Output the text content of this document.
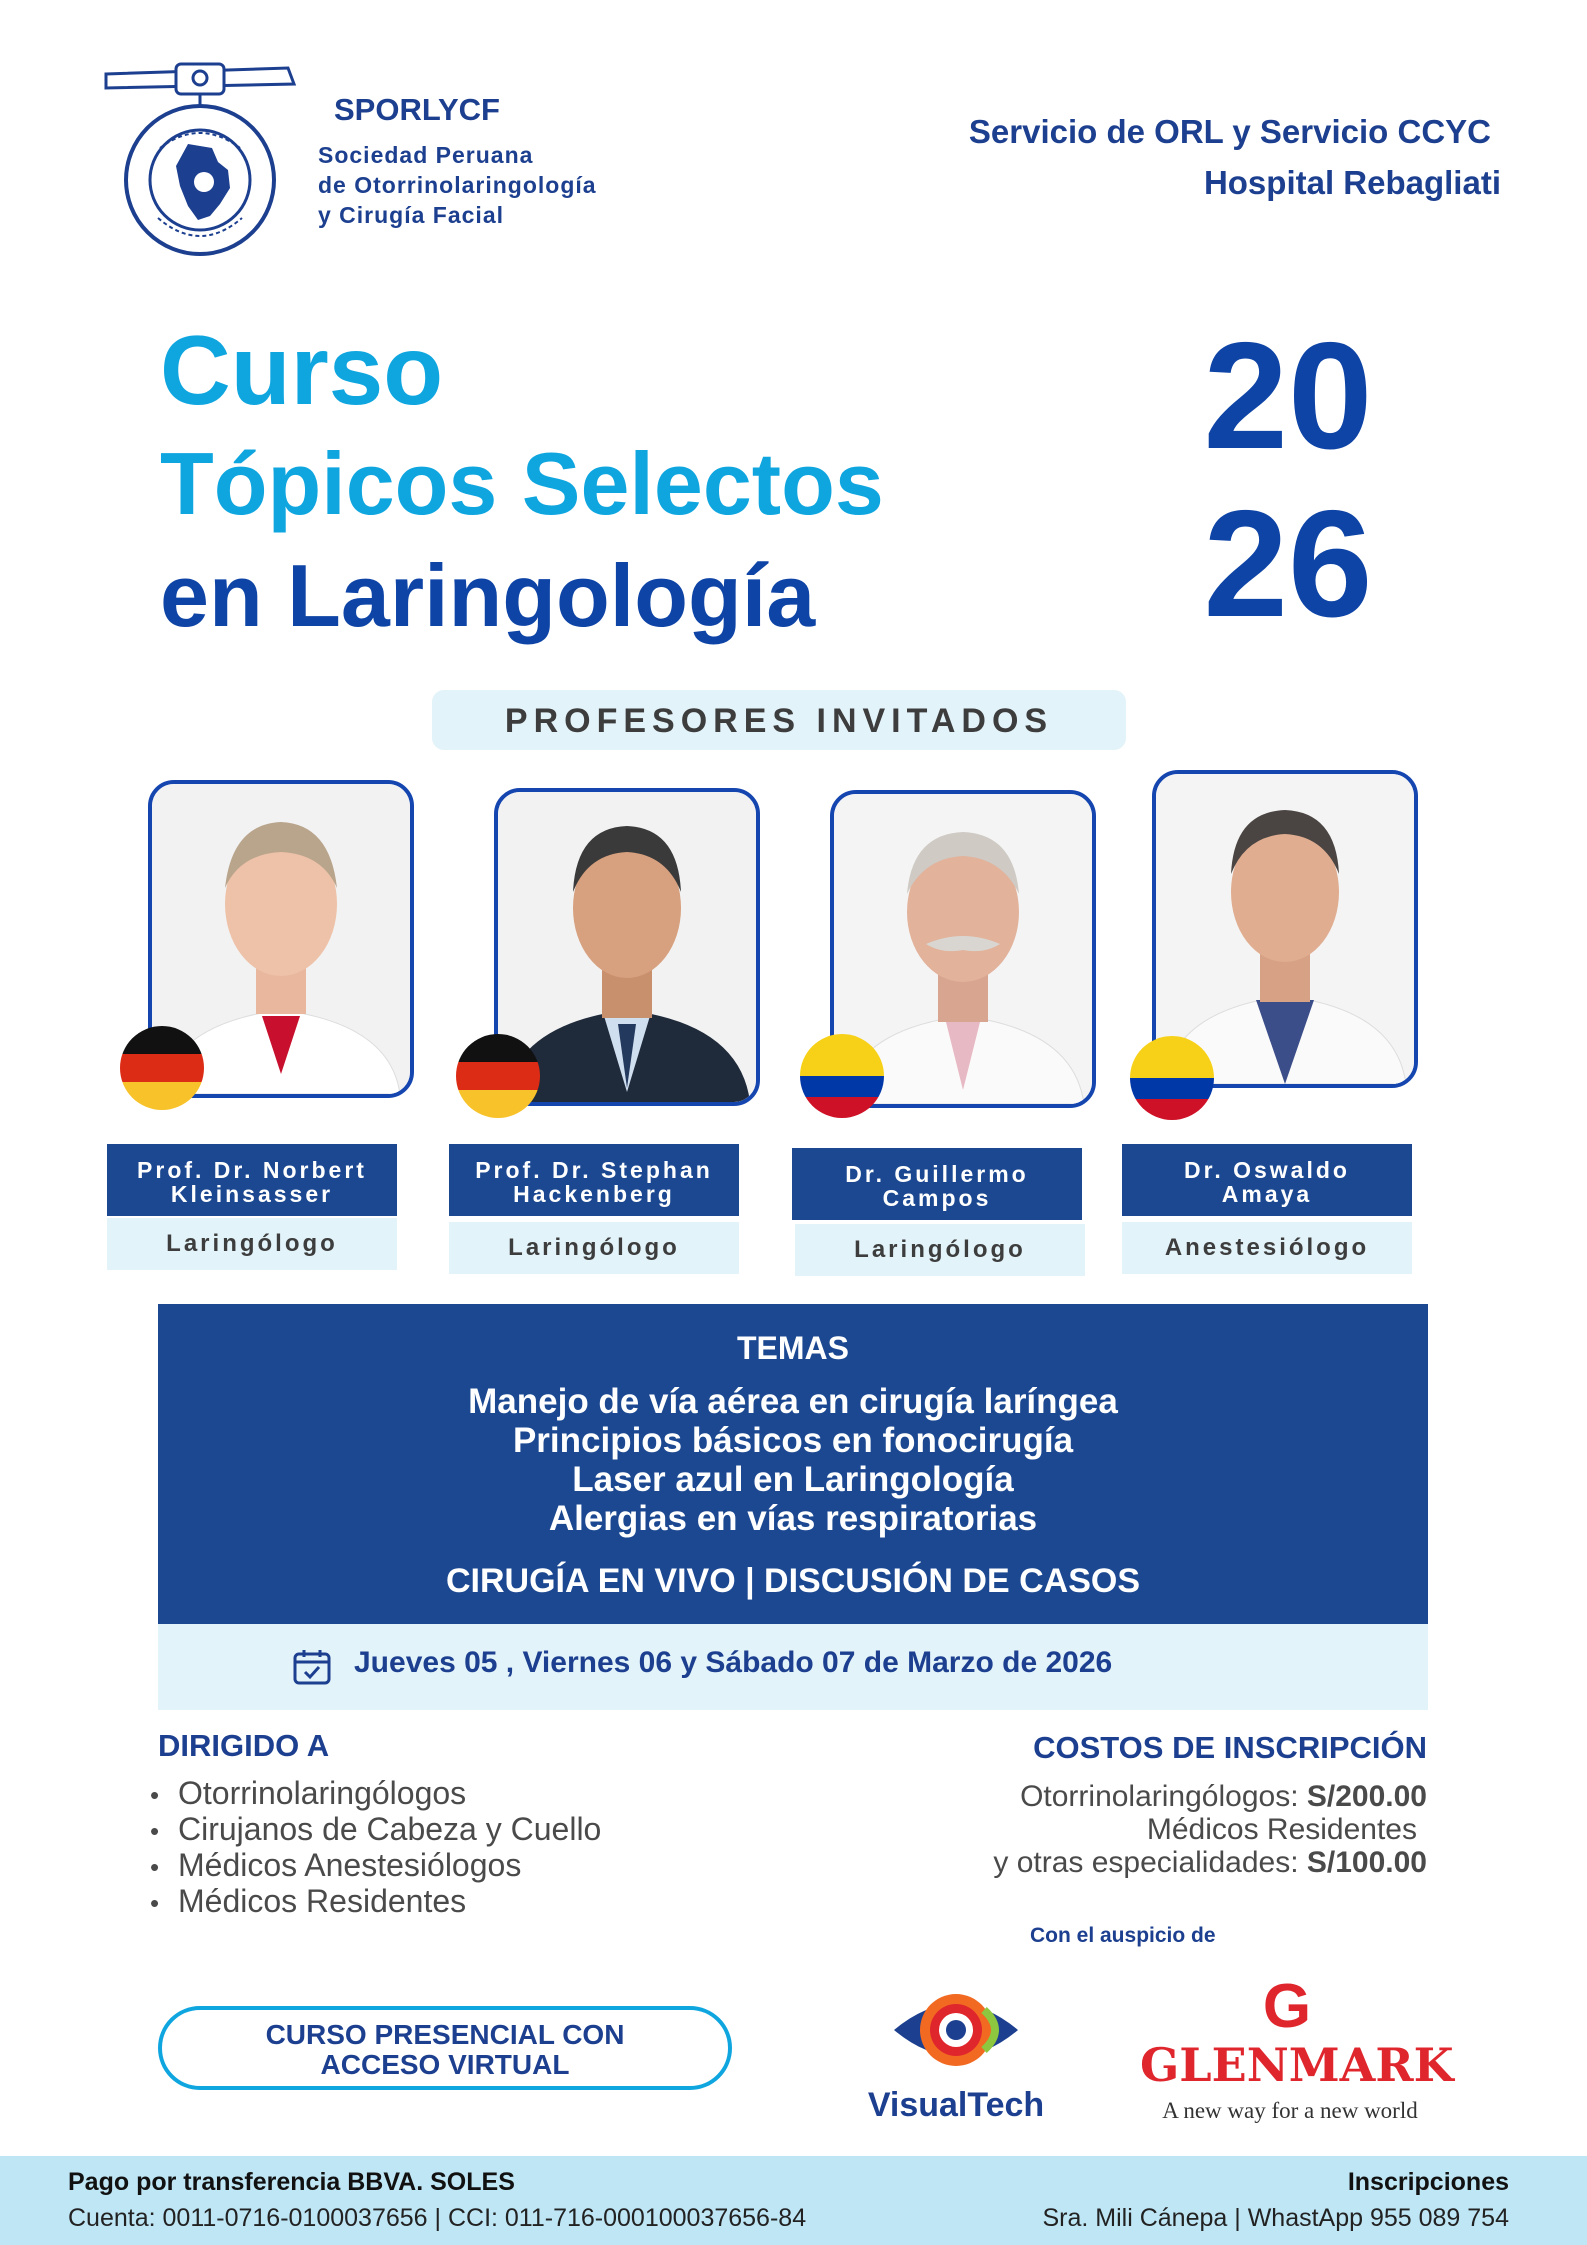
SPORLYCF
Sociedad Peruana
de Otorrinolaringología
y Cirugía Facial
Servicio de ORL y Servicio CCYC
Hospital Rebagliati
Curso
Tópicos Selectos
en Laringología
20
26
PROFESORES INVITADOS
Prof. Dr. Norbert
Kleinsasser
Laringólogo
Prof. Dr. Stephan
Hackenberg
Laringólogo
Dr. Guillermo
Campos
Laringólogo
Dr. Oswaldo
Amaya
Anestesiólogo
TEMAS
Manejo de vía aérea en cirugía laríngea
Principios básicos en fonocirugía
Laser azul en Laringología
Alergias en vías respiratorias
CIRUGÍA EN VIVO | DISCUSIÓN DE CASOS
Jueves 05 , Viernes 06 y Sábado 07 de Marzo de 2026
DIRIGIDO A
• Otorrinolaringólogos
• Cirujanos de Cabeza y Cuello
• Médicos Anestesiólogos
• Médicos Residentes
COSTOS DE INSCRIPCIÓN
Otorrinolaringólogos: S/200.00
Médicos Residentes
y otras especialidades: S/100.00
Con el auspicio de
VisualTech
G
GLENMARK
A new way for a new world
CURSO PRESENCIAL CON
ACCESO VIRTUAL
Pago por transferencia BBVA. SOLES
Cuenta: 0011-0716-0100037656 | CCI: 011-716-000100037656-84
Inscripciones
Sra. Mili Cánepa | WhastApp 955 089 754
